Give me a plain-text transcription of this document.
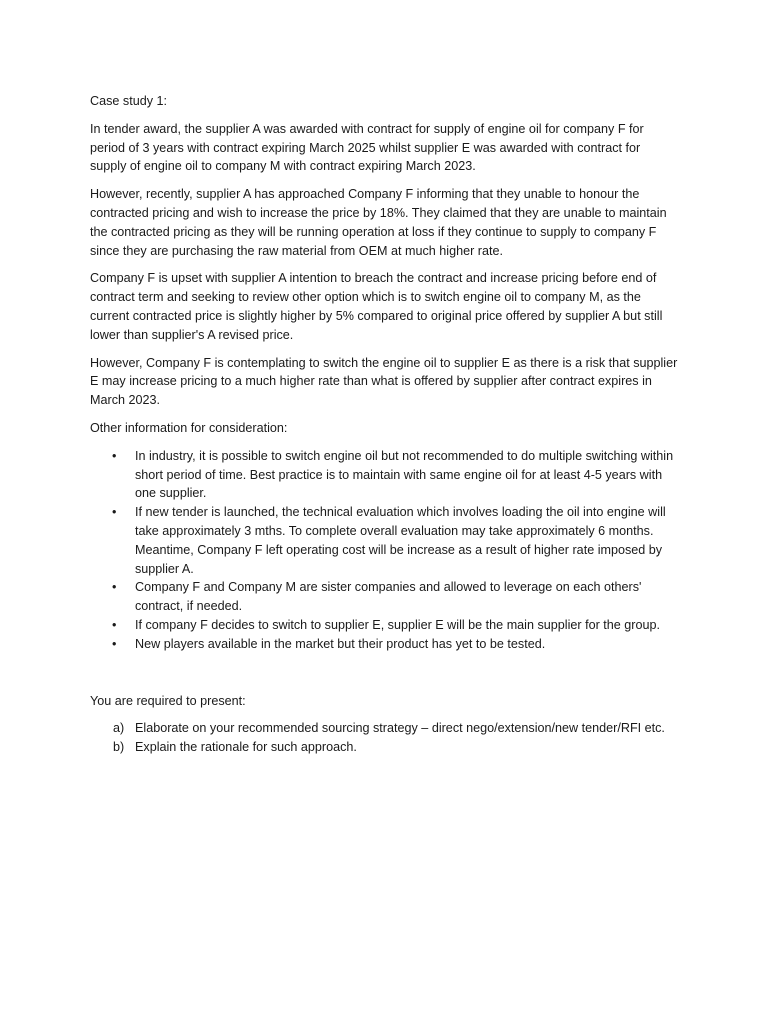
Case study 1:

In tender award, the supplier A was awarded with contract for supply of engine oil for company F for period of 3 years with contract expiring March 2025 whilst supplier E was awarded with contract for supply of engine oil to company M with contract expiring March 2023.

However, recently, supplier A has approached Company F informing that they unable to honour the contracted pricing and wish to increase the price by 18%. They claimed that they are unable to maintain the contracted pricing as they will be running operation at loss if they continue to supply to company F since they are purchasing the raw material from OEM at much higher rate.

Company F is upset with supplier A intention to breach the contract and increase pricing before end of contract term and seeking to review other option which is to switch engine oil to company M, as the current contracted price is slightly higher by 5% compared to original price offered by supplier A but still lower than supplier's A revised price.

However, Company F is contemplating to switch the engine oil to supplier E as there is a risk that supplier E may increase pricing to a much higher rate than what is offered by supplier after contract expires in March 2023.

Other information for consideration:

• In industry, it is possible to switch engine oil but not recommended to do multiple switching within short period of time. Best practice is to maintain with same engine oil for at least 4-5 years with one supplier.
• If new tender is launched, the technical evaluation which involves loading the oil into engine will take approximately 3 mths. To complete overall evaluation may take approximately 6 months. Meantime, Company F left operating cost will be increase as a result of higher rate imposed by supplier A.
• Company F and Company M are sister companies and allowed to leverage on each others' contract, if needed.
• If company F decides to switch to supplier E, supplier E will be the main supplier for the group.
• New players available in the market but their product has yet to be tested.

You are required to present:

a) Elaborate on your recommended sourcing strategy – direct nego/extension/new tender/RFI etc.
b) Explain the rationale for such approach.
